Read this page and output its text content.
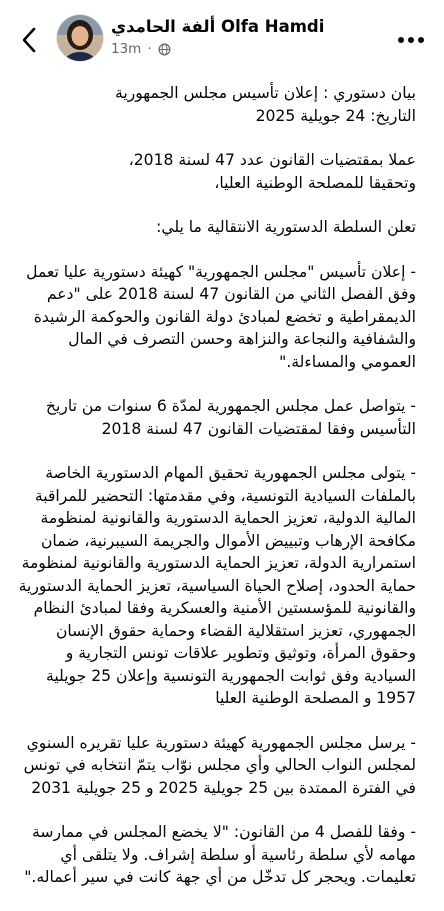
ألفة الحامدي Olfa Hamdi
13m ·

بيان دستوري : إعلان تأسيس مجلس الجمهورية
التاريخ: 24 جويلية 2025

عملا بمقتضيات القانون عدد 47 لسنة 2018،
وتحقيقا للمصلحة الوطنية العليا،

تعلن السلطة الدستورية الانتقالية ما يلي:

- إعلان تأسيس "مجلس الجمهورية" كهيئة دستورية عليا تعمل وفق الفصل الثاني من القانون 47 لسنة 2018 على "دعم الديمقراطية و تخضع لمبادئ دولة القانون والحوكمة الرشيدة والشفافية والنجاعة والنزاهة وحسن التصرف في المال العمومي والمساءلة."

- يتواصل عمل مجلس الجمهورية لمدّة 6 سنوات من تاريخ التأسيس وفقا لمقتضيات القانون 47 لسنة 2018

- يتولى مجلس الجمهورية تحقيق المهام الدستورية الخاصة بالملفات السيادية التونسية، وفي مقدمتها: التحضير للمراقبة المالية الدولية، تعزيز الحماية الدستورية والقانونية لمنظومة مكافحة الإرهاب وتبييض الأموال والجريمة السيبرنية، ضمان استمرارية الدولة، تعزيز الحماية الدستورية والقانونية لمنظومة حماية الحدود، إصلاح الحياة السياسية، تعزيز الحماية الدستورية والقانونية للمؤسستين الأمنية والعسكرية وفقا لمبادئ النظام الجمهوري، تعزيز استقلالية القضاء وحماية حقوق الإنسان وحقوق المرأة، وتوثيق وتطوير علاقات تونس التجارية و السيادية وفق ثوابت الجمهورية التونسية وإعلان 25 جويلية 1957 و المصلحة الوطنية العليا

- يرسل مجلس الجمهورية كهيئة دستورية عليا تقريره السنوي لمجلس النواب الحالي وأي مجلس نوّاب يتمّ انتخابه في تونس في الفترة الممتدة بين 25 جويلية 2025 و 25 جويلية 2031

- وفقا للفصل 4 من القانون: "لا يخضع المجلس في ممارسة مهامه لأي سلطة رئاسية أو سلطة إشراف. ولا يتلقى أي تعليمات. ويحجر كل تدخّل من أي جهة كانت في سير أعماله."
